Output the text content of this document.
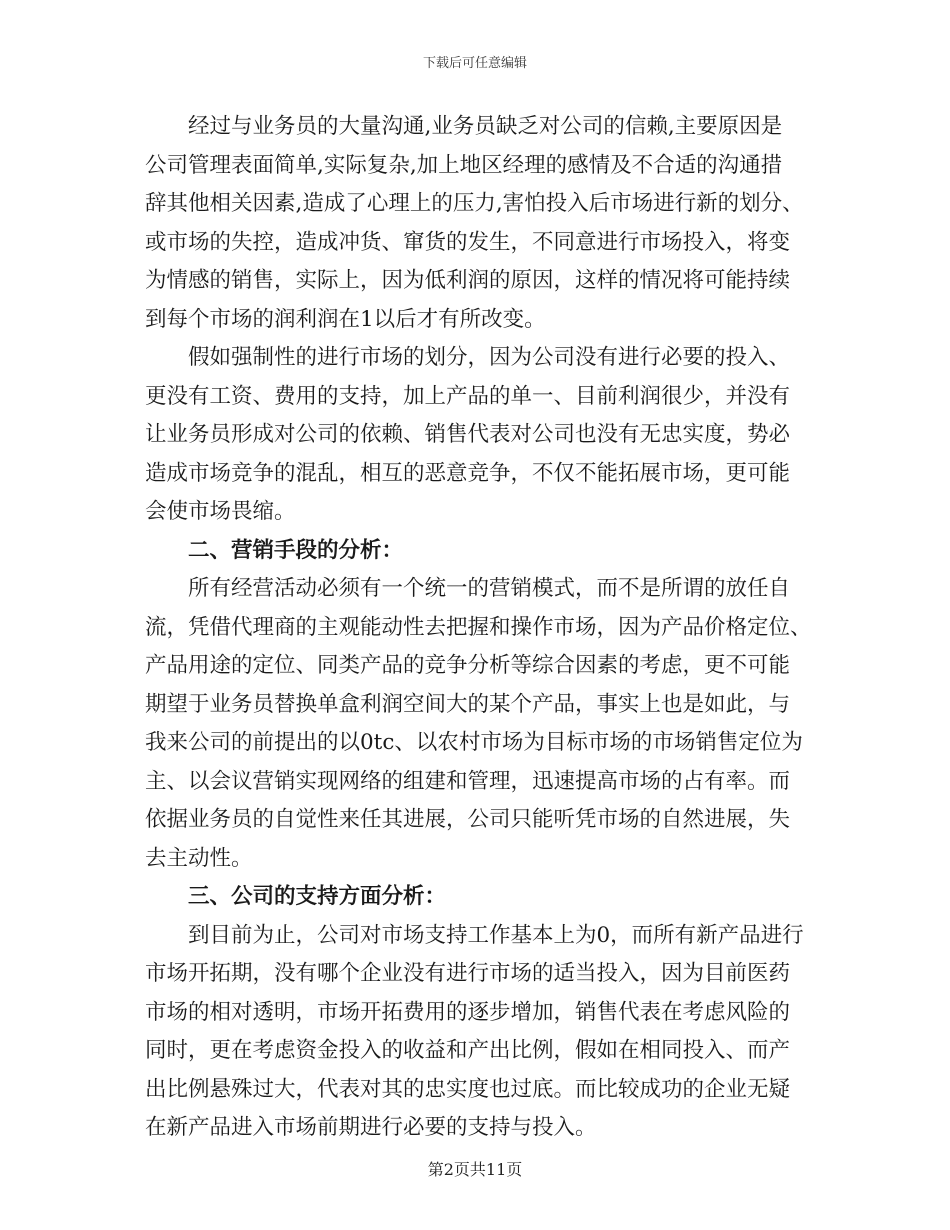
下载后可任意编辑
经过与业务员的大量沟通,业务员缺乏对公司的信赖,主要原因是
公司管理表面简单,实际复杂,加上地区经理的感情及不合适的沟通措
辞其他相关因素,造成了心理上的压力,害怕投入后市场进行新的划分、
或市场的失控，造成冲货、窜货的发生，不同意进行市场投入，将变
为情感的销售，实际上，因为低利润的原因，这样的情况将可能持续
到每个市场的润利润在1以后才有所改变。
假如强制性的进行市场的划分，因为公司没有进行必要的投入、
更没有工资、费用的支持，加上产品的单一、目前利润很少，并没有
让业务员形成对公司的依赖、销售代表对公司也没有无忠实度，势必
造成市场竞争的混乱，相互的恶意竞争，不仅不能拓展市场，更可能
会使市场畏缩。
二、营销手段的分析：
所有经营活动必须有一个统一的营销模式，而不是所谓的放任自
流，凭借代理商的主观能动性去把握和操作市场，因为产品价格定位、
产品用途的定位、同类产品的竞争分析等综合因素的考虑，更不可能
期望于业务员替换单盒利润空间大的某个产品，事实上也是如此，与
我来公司的前提出的以0tc、以农村市场为目标市场的市场销售定位为
主、以会议营销实现网络的组建和管理，迅速提高市场的占有率。而
依据业务员的自觉性来任其进展，公司只能听凭市场的自然进展，失
去主动性。
三、公司的支持方面分析：
到目前为止，公司对市场支持工作基本上为0，而所有新产品进行
市场开拓期，没有哪个企业没有进行市场的适当投入，因为目前医药
市场的相对透明，市场开拓费用的逐步增加，销售代表在考虑风险的
同时，更在考虑资金投入的收益和产出比例，假如在相同投入、而产
出比例悬殊过大，代表对其的忠实度也过底。而比较成功的企业无疑
在新产品进入市场前期进行必要的支持与投入。
第2页共11页
